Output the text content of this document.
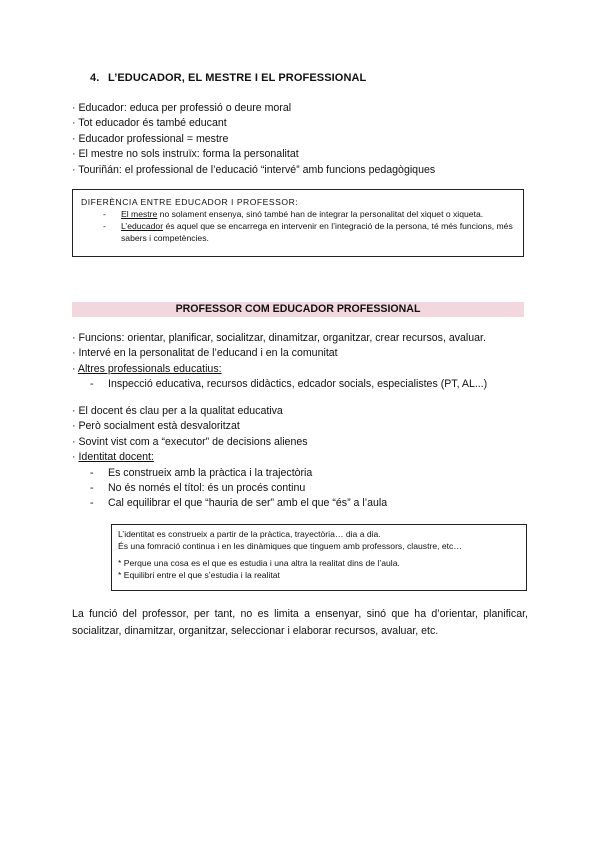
4. L’EDUCADOR, EL MESTRE I EL PROFESSIONAL
· Educador: educa per professió o deure moral
· Tot educador és també educant
· Educador professional = mestre
· El mestre no sols instruïx: forma la personalitat
· Touriñán: el professional de l’educació “intervé” amb funcions pedagògiques
DIFERÈNCIA ENTRE EDUCADOR I PROFESSOR:
- El mestre no solament ensenya, sinó també han de integrar la personalitat del xiquet o xiqueta.
- L’educador és aquel que se encarrega en intervenir en l’integració de la persona, té més funcions, més sabers i competències.
PROFESSOR COM EDUCADOR PROFESSIONAL
· Funcions: orientar, planificar, socialitzar, dinamitzar, organitzar, crear recursos, avaluar.
· Intervé en la personalitat de l’educand i en la comunitat
· Altres professionals educatius:
- Inspecció educativa, recursos didàctics, edcador socials, especialistes (PT, AL...)
· El docent és clau per a la qualitat educativa
· Però socialment està desvaloritzat
· Sovint vist com a “executor” de decisions alienes
· Identitat docent:
- Es construeix amb la pràctica i la trajectòria
- No és només el títol: és un procés continu
- Cal equilibrar el que “hauria de ser” amb el que “és” a l’aula
L’identitat es construeix a partir de la pràctica, trayectòria… dia a dia.
És una fomració continua i en les dinàmiques que tinguem amb professors, claustre, etc…
* Perque una cosa es el que es estudia i una altra la realitat dins de l’aula.
* Equilibri entre el que s’estudia i la realitat
La funció del professor, per tant, no es limita a ensenyar, sinó que ha d’orientar, planificar, socialitzar, dinamitzar, organitzar, seleccionar i elaborar recursos, avaluar, etc.
